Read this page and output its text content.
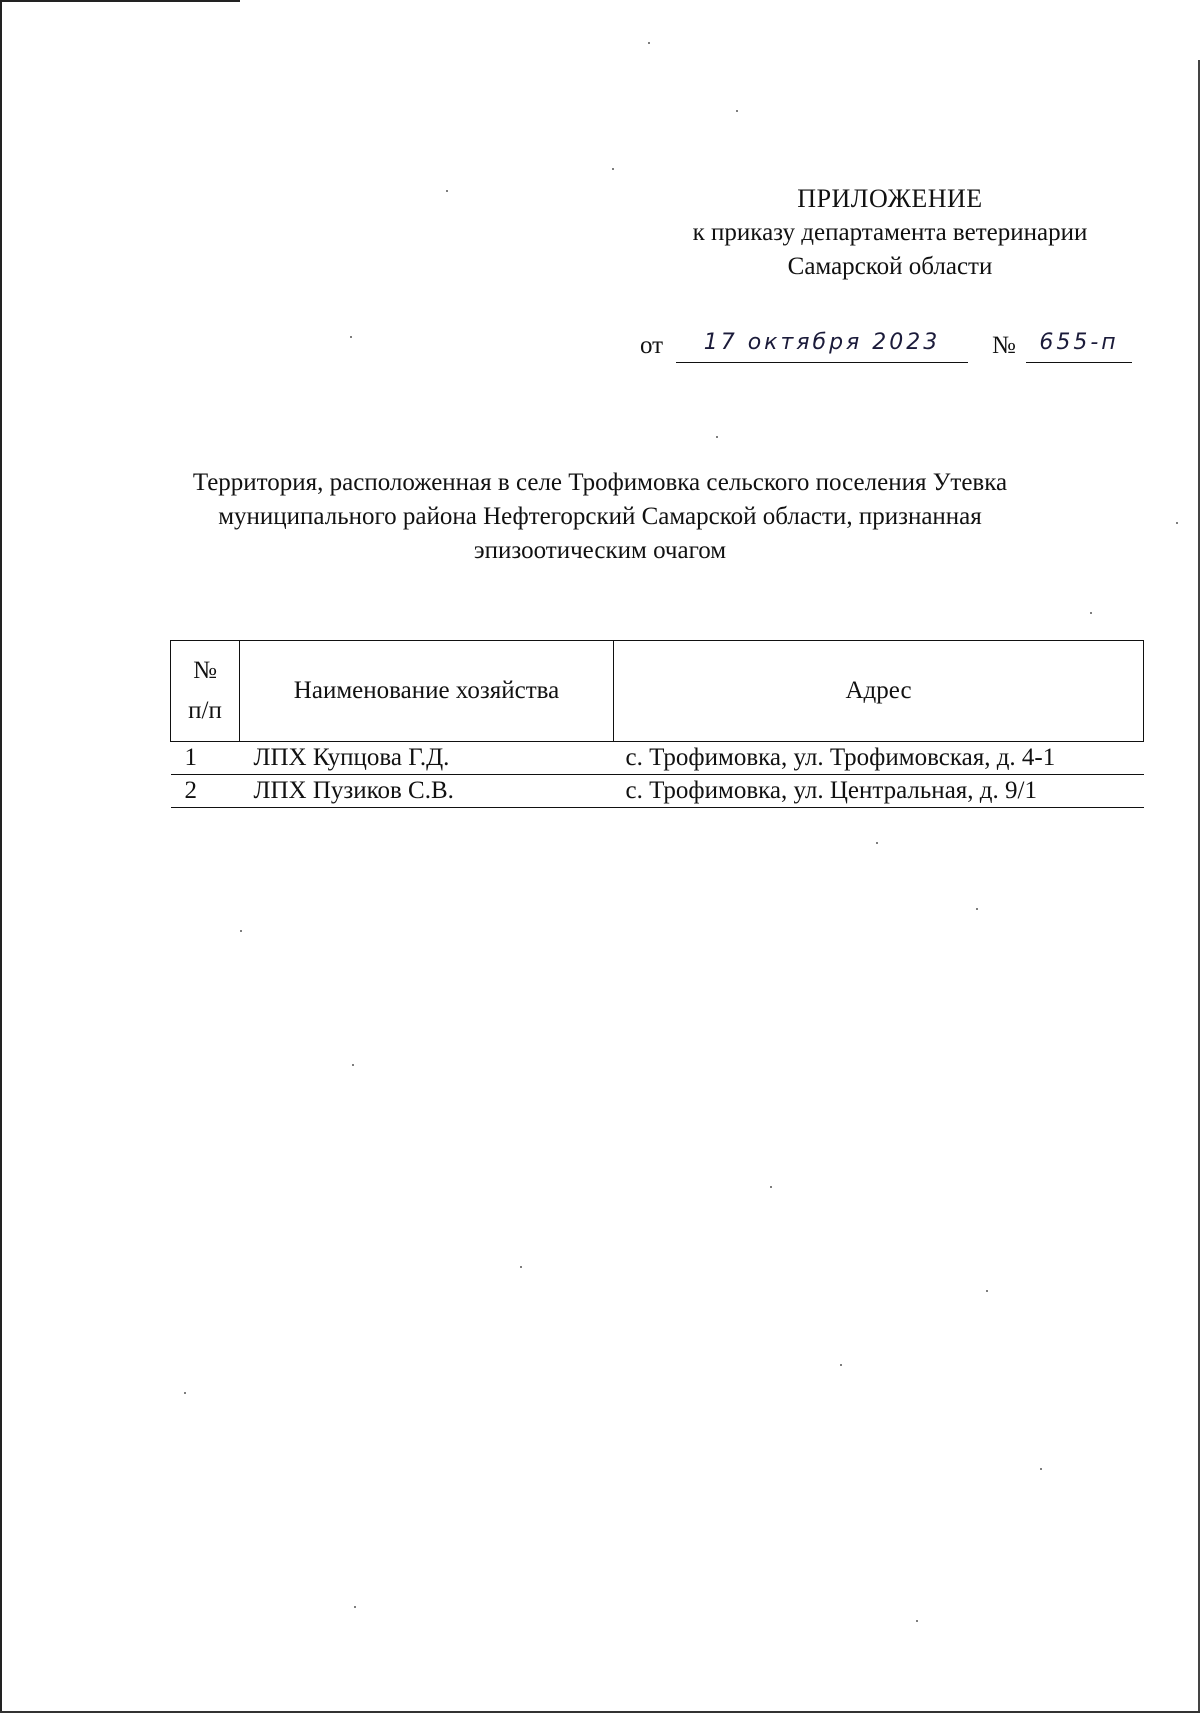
ПРИЛОЖЕНИЕ
к приказу департамента ветеринарии
Самарской области
от	17 октября 2023	№	655-п
Территория, расположенная в селе Трофимовка сельского поселения Утевка
муниципального района Нефтегорский Самарской области, признанная
эпизоотическим очагом
№
п/п	Наименование хозяйства	Адрес
1	ЛПХ Купцова Г.Д.	с. Трофимовка, ул. Трофимовская, д. 4-1
2	ЛПХ Пузиков С.В.	с. Трофимовка, ул. Центральная, д. 9/1
